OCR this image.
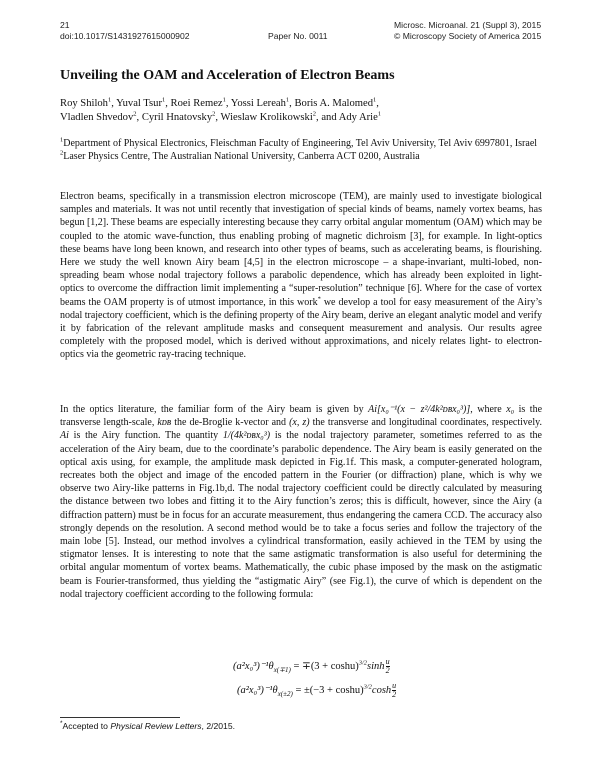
21
doi:10.1017/S1431927615000902	Paper No. 0011
Microsc. Microanal. 21 (Suppl 3), 2015
© Microscopy Society of America 2015
Unveiling the OAM and Acceleration of Electron Beams
Roy Shiloh$^1$, Yuval Tsur$^1$, Roei Remez$^1$, Yossi Lereah$^1$, Boris A. Malomed$^1$,
Vladlen Shvedov$^2$, Cyril Hnatovsky$^2$, Wieslaw Krolikowski$^2$, and Ady Arie$^1$
$^1$Department of Physical Electronics, Fleischman Faculty of Engineering, Tel Aviv University, Tel Aviv 6997801, Israel
$^2$Laser Physics Centre, The Australian National University, Canberra ACT 0200, Australia

Electron beams, specifically in a transmission electron microscope (TEM), are mainly used to investigate biological samples and materials. It was not until recently that investigation of special kinds of beams, namely vortex beams, has begun [1,2]. These beams are especially interesting because they carry orbital angular momentum (OAM) which may be coupled to the atomic wave-function, thus enabling probing of magnetic dichroism [3], for example. In light-optics these beams have long been known, and research into other types of beams, such as accelerating beams, is flourishing. Here we study the well known Airy beam [4,5] in the electron microscope – a shape-invariant, multi-lobed, non-spreading beam whose nodal trajectory follows a parabolic dependence, which has already been exploited in light-optics to overcome the diffraction limit implementing a “super-resolution” technique [6]. Where for the case of vortex beams the OAM property is of utmost importance, in this work* we develop a tool for easy measurement of the Airy’s nodal trajectory coefficient, which is the defining property of the Airy beam, derive an elegant analytic model and verify it by fabrication of the relevant amplitude masks and consequent measurement and analysis. Our results agree completely with the proposed model, which is derived without approximations, and nicely relates light- to electron-optics via the geometric ray-tracing technique.

In the optics literature, the familiar form of the Airy beam is given by Ai[x₀⁻¹(x − z²/4k²ᴅʙx₀³)], where x₀ is the transverse length-scale, kᴅʙ the de-Broglie k-vector and (x, z) the transverse and longitudinal coordinates, respectively. Ai is the Airy function. The quantity 1/(4k²ᴅʙx₀³) is the nodal trajectory parameter, sometimes referred to as the acceleration of the Airy beam, due to the coordinate’s parabolic dependence. The Airy beam is easily generated on the optical axis using, for example, the amplitude mask depicted in Fig.1f. This mask, a computer-generated hologram, recreates both the object and image of the encoded pattern in the Fourier (or diffraction) plane, which is why we observe two Airy-like patterns in Fig.1b,d. The nodal trajectory coefficient could be directly calculated by measuring the distance between two lobes and fitting it to the Airy function’s zeros; this is difficult, however, since the Airy (a diffraction pattern) must be in focus for an accurate measurement, thus endangering the camera CCD. The accuracy also strongly depends on the resolution. A second method would be to take a focus series and follow the trajectory of the main lobe [5]. Instead, our method involves a cylindrical transformation, easily achieved in the TEM by using the stigmator lenses. It is interesting to note that the same astigmatic transformation is also useful for determining the orbital angular momentum of vortex beams. Mathematically, the cubic phase imposed by the mask on the astigmatic beam is Fourier-transformed, thus yielding the “astigmatic Airy” (see Fig.1), the curve of which is dependent on the nodal trajectory coefficient according to the following formula:

$(a^2x_0^3)^{-1}\theta_{x(\mp 1)} = \mp(3 + \cosh u)^{3/2}\sinh \frac{u}{2}$
$(a^2x_0^3)^{-1}\theta_{x(\pm 2)} = \pm(-3 + \cosh u)^{3/2}\cosh \frac{u}{2}$
*Accepted to Physical Review Letters, 2/2015.
